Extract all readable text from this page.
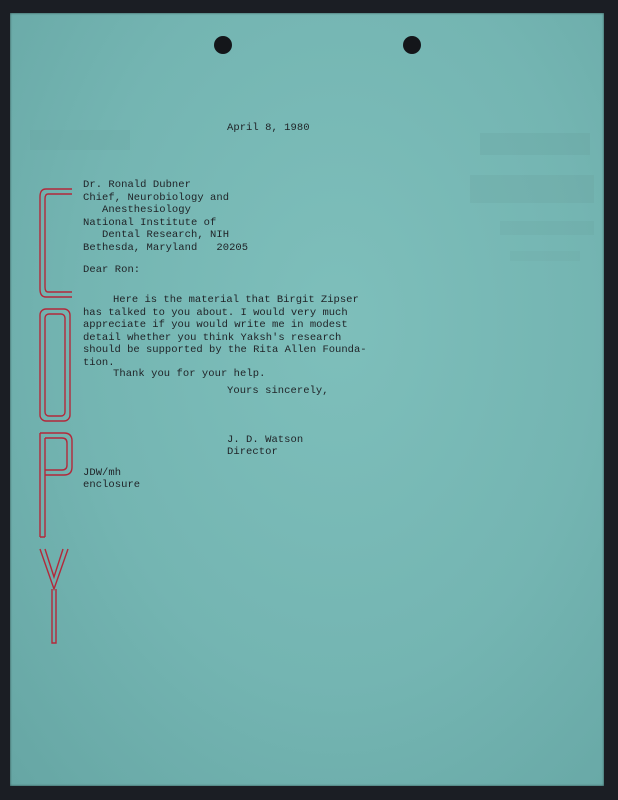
April 8, 1980
Dr. Ronald Dubner
Chief, Neurobiology and
Anesthesiology
National Institute of
Dental Research, NIH
Bethesda, Maryland   20205
Dear Ron:
Here is the material that Birgit Zipser
has talked to you about. I would very much
appreciate if you would write me in modest
detail whether you think Yaksh's research
should be supported by the Rita Allen Founda-
tion.
Thank you for your help.
Yours sincerely,
J. D. Watson
Director
JDW/mh
enclosure
